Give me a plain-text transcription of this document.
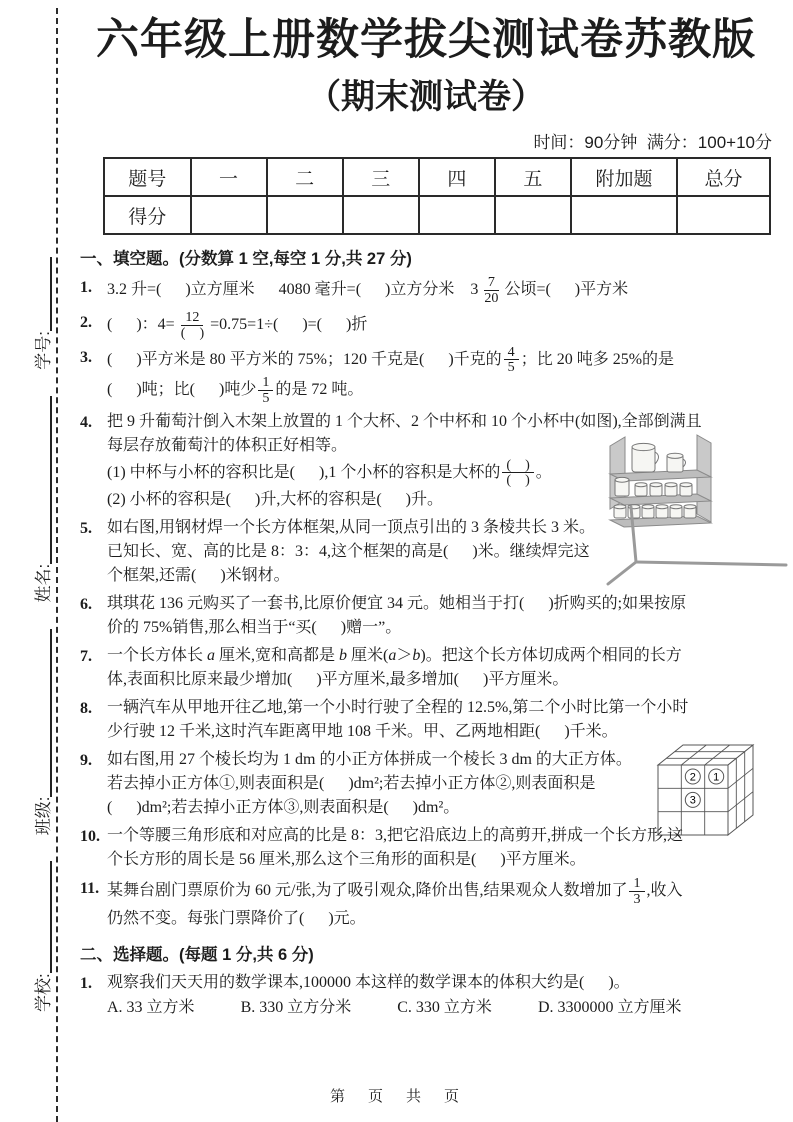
学校:
班级:
姓名:
学号:
六年级上册数学拔尖测试卷苏教版
（期末测试卷）
时间：90分钟  满分：100+10分
题号	一	二	三	四	五	附加题	总分
得分							
一、填空题。(分数算 1 空,每空 1 分,共 27 分)
1. 3.2 升=(      )立方厘米      4080 毫升=(      )立方分米    $3 \frac{7}{20}$ 公顷=(      )平方米
2. (      )：$4= \frac{12}{( )} =0.75=1\div$(      )=(      )折
3. (      )平方米是 80 平方米的 75%；120 千克是(      )千克的 $\frac{4}{5}$ ；比 20 吨多 25%的是
(      )吨；比(      )吨少 $\frac{1}{5}$ 的是 72 吨。
4. 把 9 升葡萄汁倒入木架上放置的 1 个大杯、2 个中杯和 10 个小杯中(如图),全部倒满且
每层存放葡萄汁的体积正好相等。
(1) 中杯与小杯的容积比是(      ),1 个小杯的容积是大杯的 $\frac{( )}{( )}$ 。
(2) 小杯的容积是(      )升,大杯的容积是(      )升。
5. 如右图,用钢材焊一个长方体框架,从同一顶点引出的 3 条棱共长 3 米。
已知长、宽、高的比是 8：3：4,这个框架的高是(      )米。继续焊完这
个框架,还需(      )米钢材。
6. 琪琪花 136 元购买了一套书,比原价便宜 34 元。她相当于打(      )折购买的;如果按原
价的 75%销售,那么相当于“买(      )赠一”。
7. 一个长方体长 a 厘米,宽和高都是 b 厘米(a＞b)。把这个长方体切成两个相同的长方
体,表面积比原来最少增加(      )平方厘米,最多增加(      )平方厘米。
8. 一辆汽车从甲地开往乙地,第一个小时行驶了全程的 12.5%,第二个小时比第一个小时
少行驶 12 千米,这时汽车距离甲地 108 千米。甲、乙两地相距(      )千米。
9. 如右图,用 27 个棱长均为 1 dm 的小正方体拼成一个棱长 3 dm 的大正方体。
若去掉小正方体①,则表面积是(      )dm²;若去掉小正方体②,则表面积是
(      )dm²;若去掉小正方体③,则表面积是(      )dm²。
2 1
3
10. 一个等腰三角形底和对应高的比是 8：3,把它沿底边上的高剪开,拼成一个长方形,这
个长方形的周长是 56 厘米,那么这个三角形的面积是(      )平方厘米。
11. 某舞台剧门票原价为 60 元/张,为了吸引观众,降价出售,结果观众人数增加了 $\frac{1}{3}$ ,收入
仍然不变。每张门票降价了(      )元。
二、选择题。(每题 1 分,共 6 分)
1. 观察我们天天用的数学课本,100000 本这样的数学课本的体积大约是(      )。
A. 33 立方米	B. 330 立方分米	C. 330 立方米	D. 3300000 立方厘米
第　页　共　页
